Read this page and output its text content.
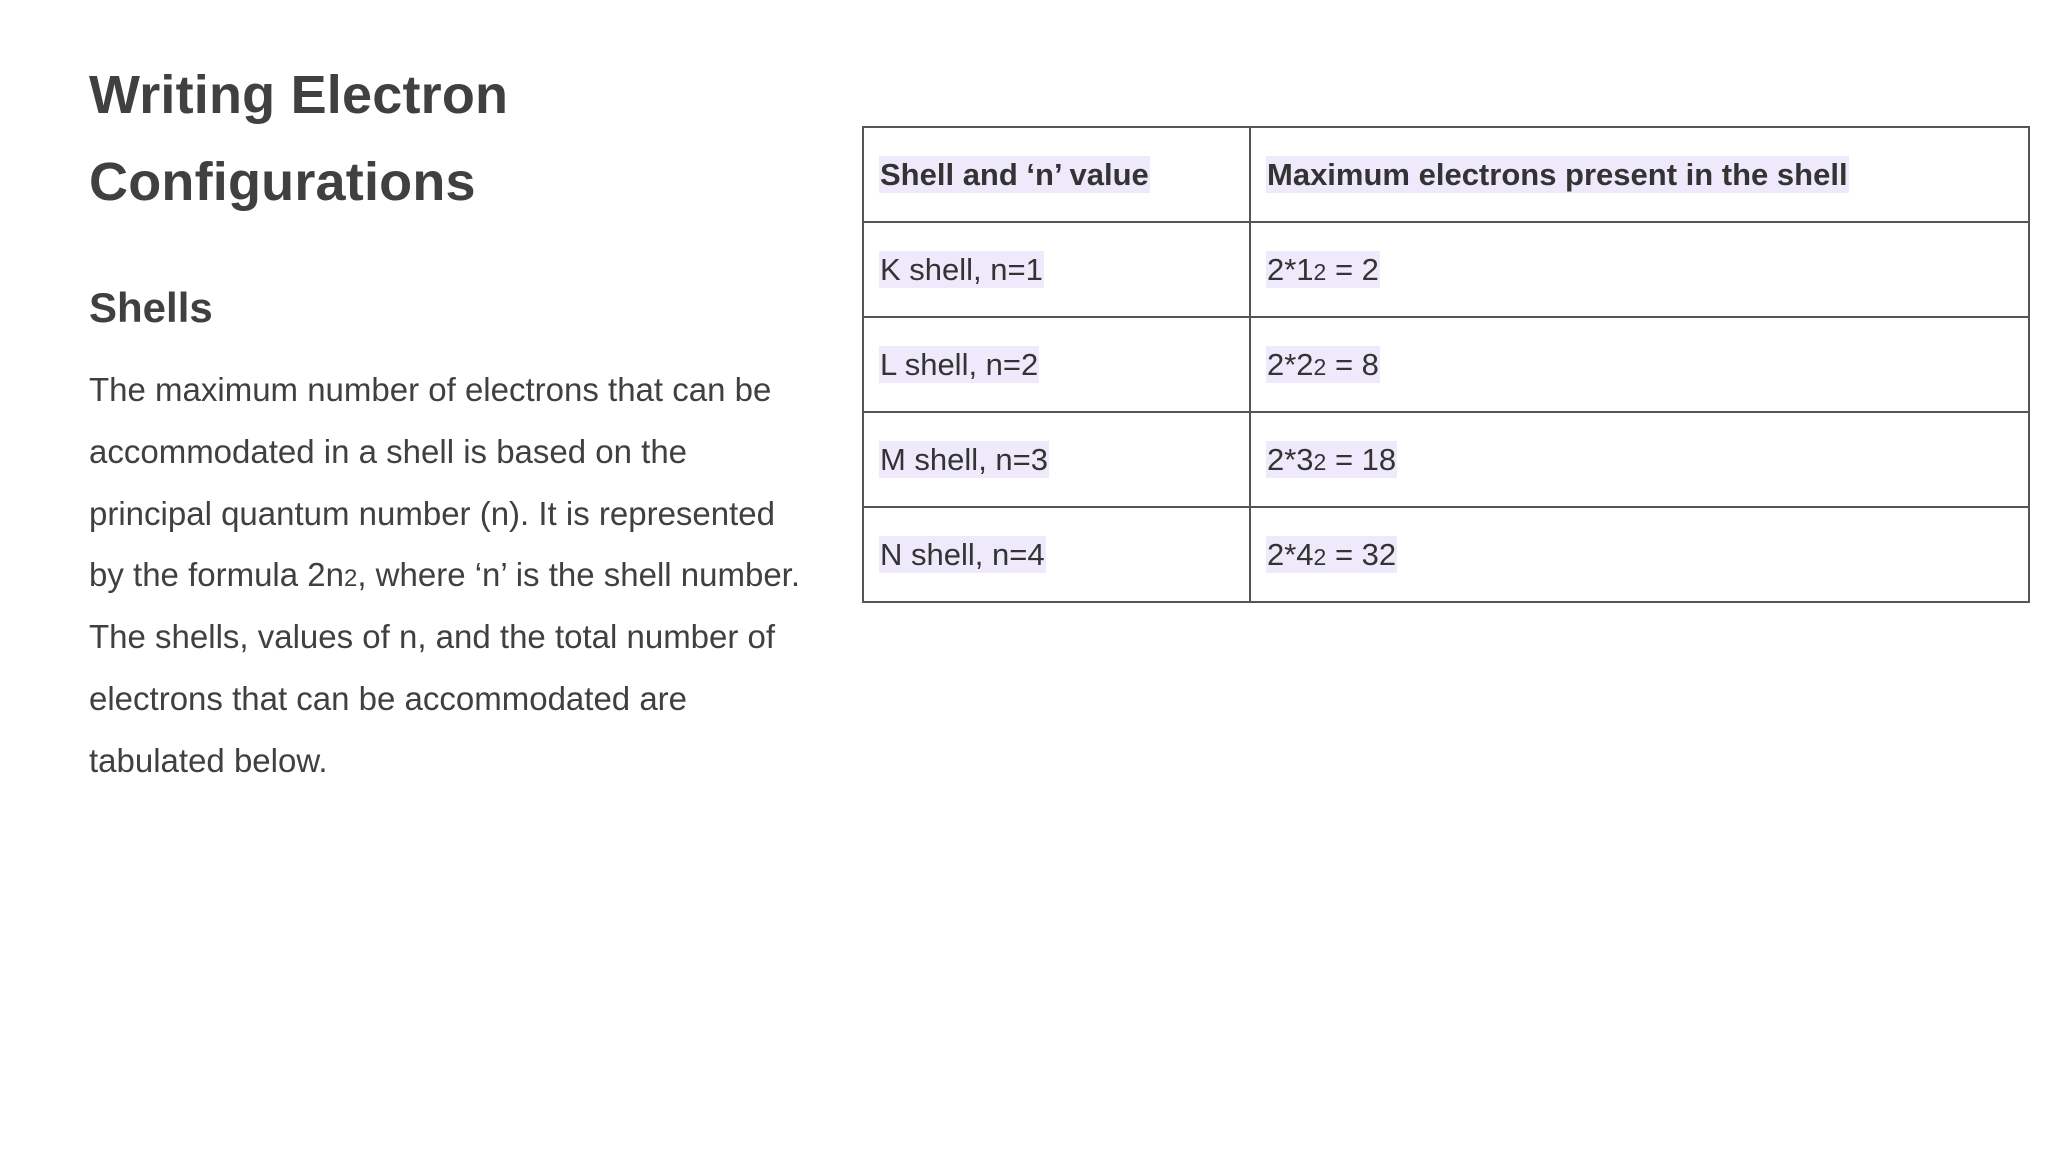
Writing Electron
Configurations
Shells

The maximum number of electrons that can be accommodated in a shell is based on the principal quantum number (n). It is represented by the formula 2n2, where ‘n’ is the shell number. The shells, values of n, and the total number of electrons that can be accommodated are tabulated below.

Shell and ‘n’ value	Maximum electrons present in the shell
K shell, n=1	2*12 = 2
L shell, n=2	2*22 = 8
M shell, n=3	2*32 = 18
N shell, n=4	2*42 = 32
